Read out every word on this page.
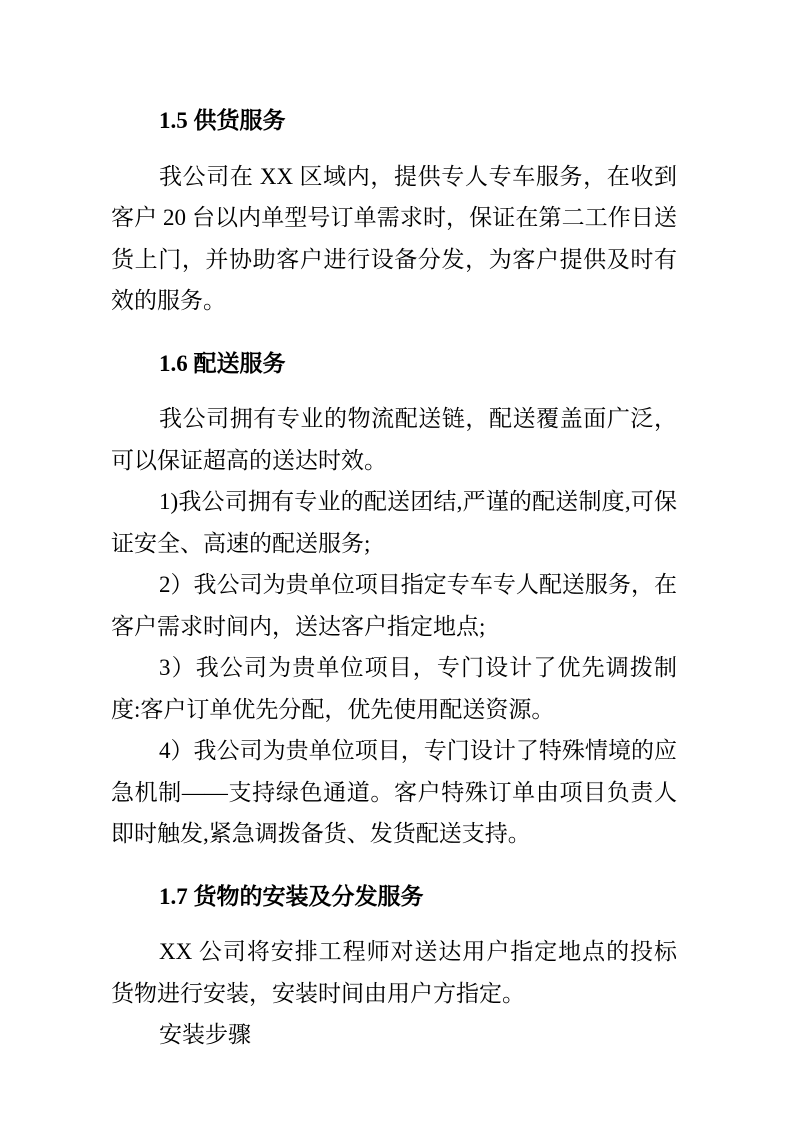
1.5 供货服务

我公司在 XX 区域内，提供专人专车服务，在收到客户 20 台以内单型号订单需求时，保证在第二工作日送货上门，并协助客户进行设备分发，为客户提供及时有效的服务。

1.6 配送服务

我公司拥有专业的物流配送链，配送覆盖面广泛，可以保证超高的送达时效。

1)我公司拥有专业的配送团结,严谨的配送制度,可保证安全、高速的配送服务;

2）我公司为贵单位项目指定专车专人配送服务，在客户需求时间内，送达客户指定地点;

3）我公司为贵单位项目，专门设计了优先调拨制度:客户订单优先分配，优先使用配送资源。

4）我公司为贵单位项目，专门设计了特殊情境的应急机制——支持绿色通道。客户特殊订单由项目负责人即时触发,紧急调拨备货、发货配送支持。

1.7 货物的安装及分发服务

XX 公司将安排工程师对送达用户指定地点的投标货物进行安装，安装时间由用户方指定。

安装步骤
